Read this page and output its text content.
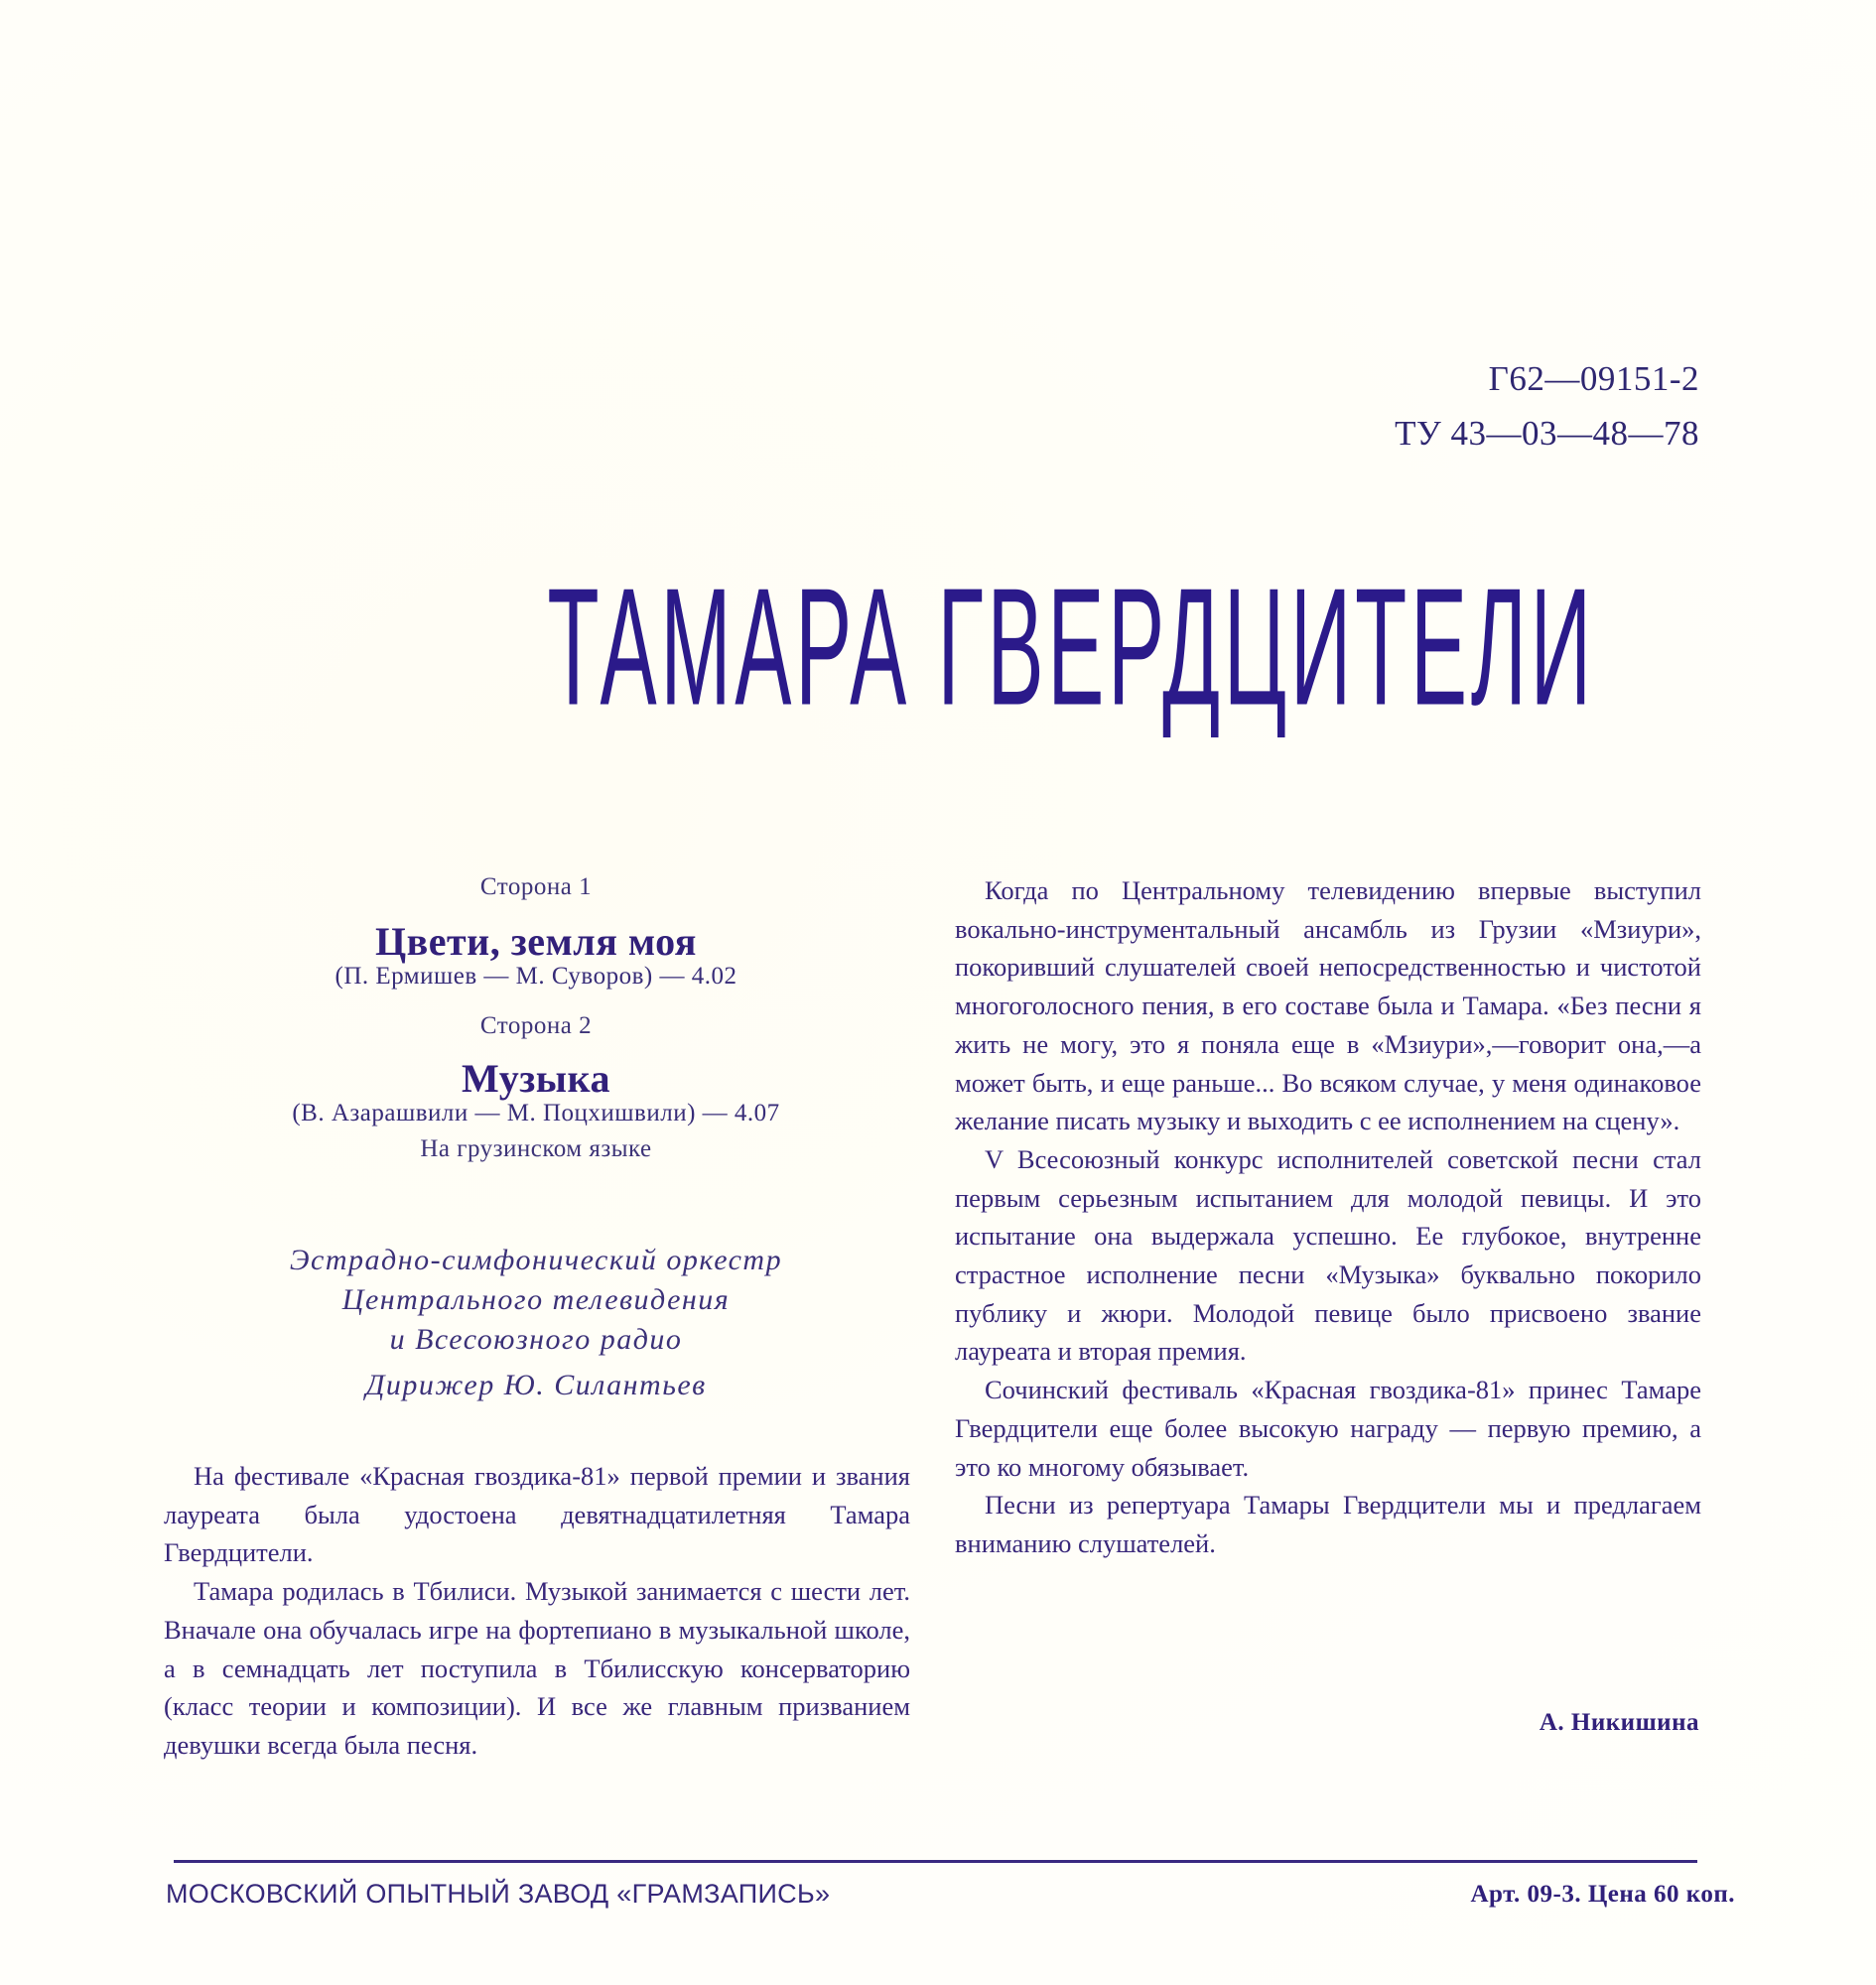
Г62—09151-2
ТУ 43—03—48—78
ТАМАРА ГВЕРДЦИТЕЛИ
Сторона 1
Цвети, земля моя
(П. Ермишев — М. Суворов) — 4.02
Сторона 2
Музыка
(В. Азарашвили — М. Поцхишвили) — 4.07
На грузинском языке
Эстрадно-симфонический оркестр
Центрального телевидения
и Всесоюзного радио
Дирижер Ю. Силантьев

На фестивале «Красная гвоздика-81» первой премии и звания лауреата была удостоена девятнадцатилетняя Тамара Гвердцители.

Тамара родилась в Тбилиси. Музыкой занимается с шести лет. Вначале она обучалась игре на фортепиано в музыкальной школе, а в семнадцать лет поступила в Тбилисскую консерваторию (класс теории и композиции). И все же главным призванием девушки всегда была песня.

Когда по Центральному телевидению впервые выступил вокально-инструментальный ансамбль из Грузии «Мзиури», покоривший слушателей своей непосредственностью и чистотой многоголосного пения, в его составе была и Тамара. «Без песни я жить не могу, это я поняла еще в «Мзиури»,—говорит она,—а может быть, и еще раньше... Во всяком случае, у меня одинаковое желание писать музыку и выходить с ее исполнением на сцену».

V Всесоюзный конкурс исполнителей советской песни стал первым серьезным испытанием для молодой певицы. И это испытание она выдержала успешно. Ее глубокое, внутренне страстное исполнение песни «Музыка» буквально покорило публику и жюри. Молодой певице было присвоено звание лауреата и вторая премия.

Сочинский фестиваль «Красная гвоздика-81» принес Тамаре Гвердцители еще более высокую награду — первую премию, а это ко многому обязывает.

Песни из репертуара Тамары Гвердцители мы и предлагаем вниманию слушателей.

А. Никишина
МОСКОВСКИЙ ОПЫТНЫЙ ЗАВОД «ГРАМЗАПИСЬ»	Арт. 09-3. Цена 60 коп.
